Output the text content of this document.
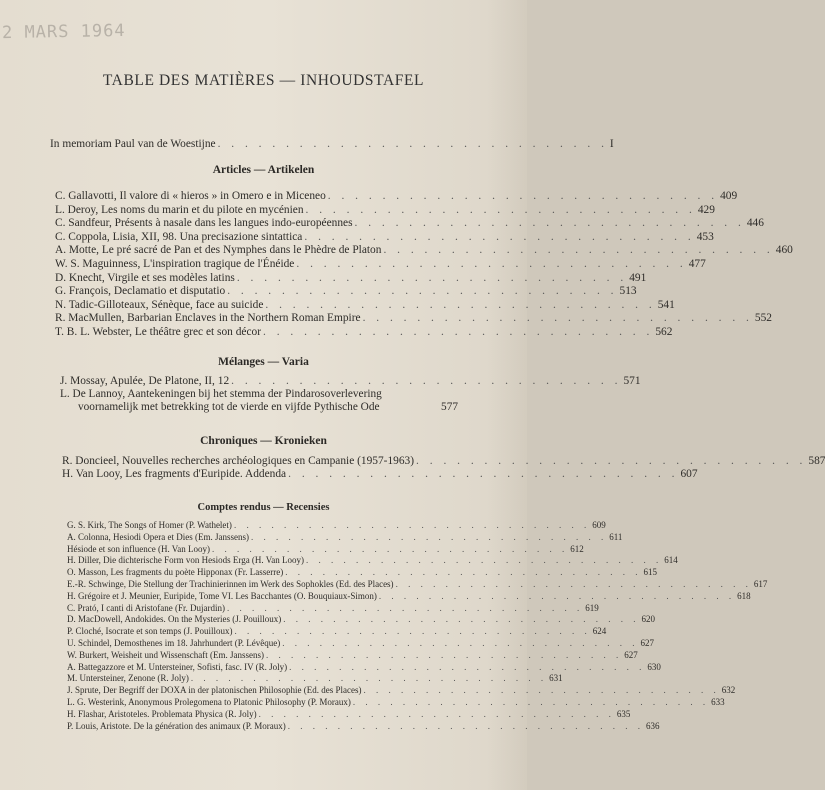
2 MARS 1964
TABLE DES MATIÈRES — INHOUDSTAFEL
In memoriam Paul van de Woestijne . . .	I
Articles — Artikelen
C. Gallavotti, Il valore di « hieros » in Omero e in Miceneo . . .	409
L. Deroy, Les noms du marin et du pilote en mycénien . . .	429
C. Sandfeur, Présents à nasale dans les langues indo-européennes . . .	446
C. Coppola, Lisia, XII, 98. Una precisazione sintattica . . .	453
A. Motte, Le pré sacré de Pan et des Nymphes dans le Phèdre de Platon . . .	460
W. S. Maguinness, L'inspiration tragique de l'Énéide . . .	477
D. Knecht, Virgile et ses modèles latins . . .	491
G. François, Declamatio et disputatio . . .	513
N. Tadic-Gilloteaux, Sénèque, face au suicide . . .	541
R. MacMullen, Barbarian Enclaves in the Northern Roman Empire . . .	552
T. B. L. Webster, Le théâtre grec et son décor . . .	562
Mélanges — Varia
J. Mossay, Apulée, De Platone, II, 12 . . .	571
L. De Lannoy, Aantekeningen bij het stemma der Pindarosoverlevering
voornamelijk met betrekking tot de vierde en vijfde Pythische Ode	577
Chroniques — Kronieken
R. Doncieel, Nouvelles recherches archéologiques en Campanie (1957-1963) . . .	587
H. Van Looy, Les fragments d'Euripide. Addenda . . .	607
Comptes rendus — Recensies
G. S. Kirk, The Songs of Homer (P. Wathelet) . . .	609
A. Colonna, Hesiodi Opera et Dies (Em. Janssens) . . .	611
Hésiode et son influence (H. Van Looy) . . .	612
H. Diller, Die dichterische Form von Hesiods Erga (H. Van Looy) . . .	614
O. Masson, Les fragments du poète Hipponax (Fr. Lasserre) . . .	615
E.-R. Schwinge, Die Stellung der Trachinierinnen im Werk des Sophokles (Ed. des Places) . . .	617
H. Grégoire et J. Meunier, Euripide, Tome VI. Les Bacchantes (O. Bouquiaux-Simon) . . .	618
C. Prató, I canti di Aristofane (Fr. Dujardin) . . .	619
D. MacDowell, Andokides. On the Mysteries (J. Pouilloux) . . .	620
P. Cloché, Isocrate et son temps (J. Pouilloux) . . .	624
U. Schindel, Demosthenes im 18. Jahrhundert (P. Lévêque) . . .	627
W. Burkert, Weisheit und Wissenschaft (Em. Janssens) . . .	627
A. Battegazzore et M. Untersteiner, Sofisti, fasc. IV (R. Joly) . . .	630
M. Untersteiner, Zenone (R. Joly) . . .	631
J. Sprute, Der Begriff der DOXA in der platonischen Philosophie (Ed. des Places) . . .	632
L. G. Westerink, Anonymous Prolegomena to Platonic Philosophy (P. Moraux) . . .	633
H. Flashar, Aristoteles. Problemata Physica (R. Joly) . . .	635
P. Louis, Aristote. De la génération des animaux (P. Moraux) . . .	636
